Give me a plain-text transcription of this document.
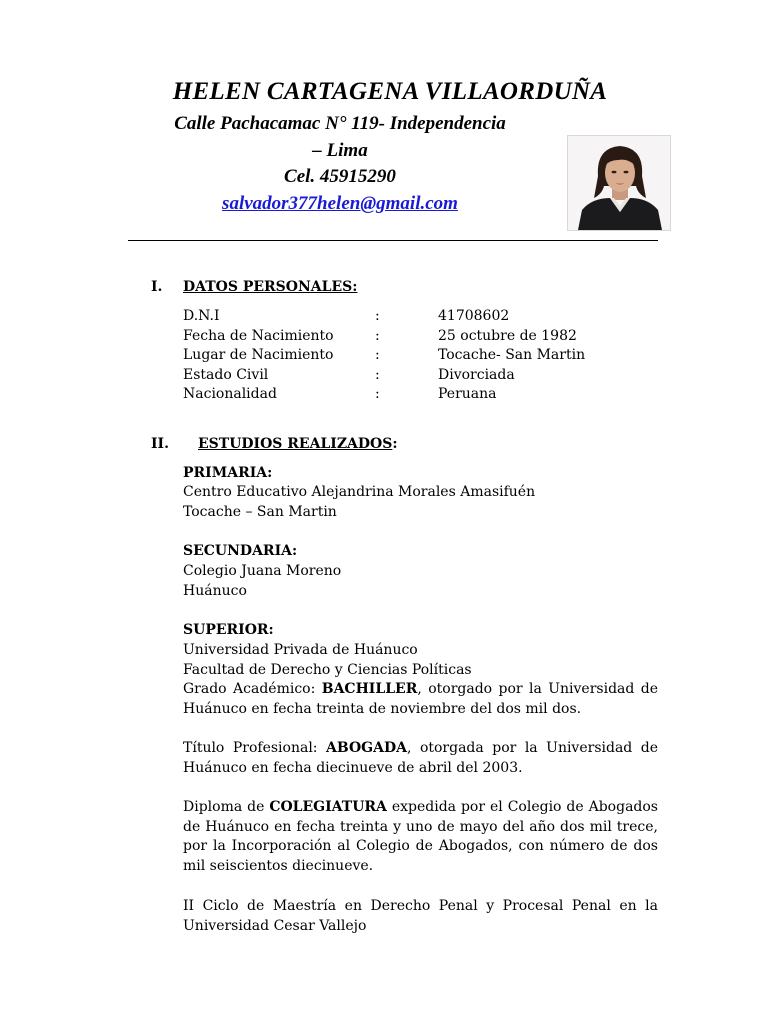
HELEN CARTAGENA VILLAORDUÑA
Calle Pachacamac N° 119- Independencia
– Lima
Cel. 45915290
salvador377helen@gmail.com
I. DATOS PERSONALES:
D.N.I	:	41708602
Fecha de Nacimiento	:	25 octubre de 1982
Lugar de Nacimiento	:	Tocache- San Martin
Estado Civil	:	Divorciada
Nacionalidad	:	Peruana
II. ESTUDIOS REALIZADOS:
PRIMARIA:
Centro Educativo Alejandrina Morales Amasifuén
Tocache – San Martin
SECUNDARIA:
Colegio Juana Moreno
Huánuco
SUPERIOR:
Universidad Privada de Huánuco
Facultad de Derecho y Ciencias Políticas
Grado Académico: BACHILLER, otorgado por la Universidad de Huánuco en fecha treinta de noviembre del dos mil dos.
Título Profesional: ABOGADA, otorgada por la Universidad de Huánuco en fecha diecinueve de abril del 2003.
Diploma de COLEGIATURA expedida por el Colegio de Abogados de Huánuco en fecha treinta y uno de mayo del año dos mil trece, por la Incorporación al Colegio de Abogados, con número de dos mil seiscientos diecinueve.
II Ciclo de Maestría en Derecho Penal y Procesal Penal en la Universidad Cesar Vallejo
